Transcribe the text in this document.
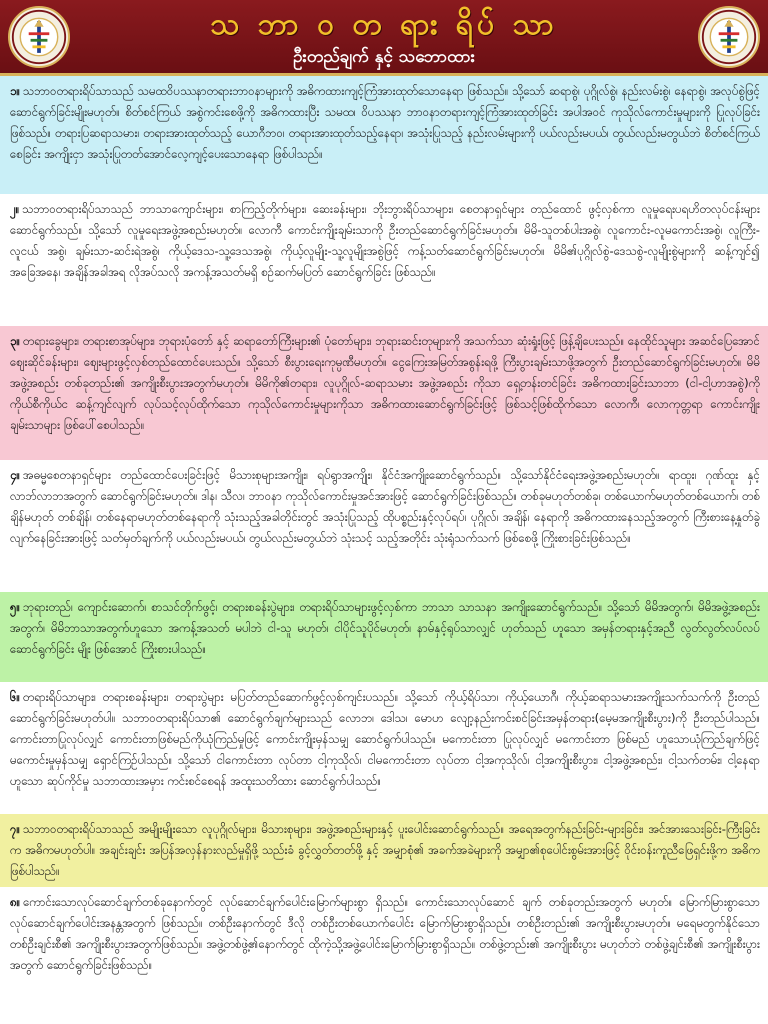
သ ဘာ ဝ တ ရား ရိပ် သာ
ဦးတည်ချက် နှင့် သဘောထား
၁။ သဘာဝတရားရိပ်သာသည် သမထဝိပဿနာတရားဘာဝနာများကို အဓိကထားကျင့်ကြံအားထုတ်သောနေရာ ဖြစ်သည်။ သို့သော် ဆရာစွဲ၊ ပုဂ္ဂိုလ်စွဲ၊ နည်းလမ်းစွဲ၊ နေရာစွဲ၊ အလုပ်စွဲဖြင့် ဆောင်ရွက်ခြင်းမျိုးမဟုတ်။ စိတ်စင်ကြယ် အစွဲကင်းစေဖို့ကို အဓိကထားပြီး သမထ၊ ဝိပဿနာ ဘာဝနာတရားကျင့်ကြံအားထုတ်ခြင်း အပါအဝင် ကုသိုလ်ကောင်းမှုများကို ပြုလုပ်ခြင်း ဖြစ်သည်။ တရားပြဆရာသမား၊ တရားအားထုတ်သည့် ယောဂီဘဝ၊ တရားအားထုတ်သည့်နေရာ၊ အသုံးပြုသည့် နည်းလမ်းများကို ပယ်လည်းမပယ်၊ တွယ်လည်းမတွယ်ဘဲ စိတ်စင်ကြယ်စေခြင်း အကျိုးငှာ အသုံးပြုတတ်အောင်လေ့ကျင့်ပေးသောနေရာ ဖြစ်ပါသည်။
၂။ သဘာဝတရားရိပ်သာသည် ဘာသာကျောင်းများ၊ စာကြည့်တိုက်များ၊ ဆေးခန်းများ၊ ဘိုးဘွားရိပ်သာများ၊ စေတနာရှင်များ တည်ထောင် ဖွင့်လှစ်ကာ လူမှုရေးပရဟိတလုပ်ငန်းများဆောင်ရွက်သည်။ သို့သော် လူမှုရေးအဖွဲ့အစည်းမဟုတ်။ လောကီ ကောင်းကျိုးချမ်းသာကို ဦးတည်ဆောင်ရွက်ခြင်းမဟုတ်။ မိမိ-သူတစ်ပါးအစွဲ၊ လူကောင်း-လူမကောင်းအစွဲ၊ လူကြီး-လူငယ် အစွဲ၊ ချမ်းသာ-ဆင်းရဲအစွဲ၊ ကိုယ့်ဒေသ-သူ့ဒေသအစွဲ၊ ကိုယ့်လူမျိုး-သူ့လူမျိုးအစွဲဖြင့် ကန့်သတ်ဆောင်ရွက်ခြင်းမဟုတ်။ မိမိ၏ပုဂ္ဂိုလ်စွဲ-ဒေသစွဲ-လူမျိုးစွဲများကို ဆန့်ကျင်၍ အခြေအနေ၊ အချိန်အခါအရ လိုအပ်သလို အကန့်အသတ်မရှိ စဉ်ဆက်မပြတ် ဆောင်ရွက်ခြင်း ဖြစ်သည်။
၃။ တရားခွေများ၊ တရားစာအုပ်များ၊ ဘုရားပုံတော် နှင့် ဆရာတော်ကြီးများ၏ ပုံတော်များ၊ ဘုရားဆင်းတုများကို အသက်သာ ဆုံးရှုံးဖြင့် ဖြန့်ချိပေးသည်။ နေထိုင်သူများ အဆင်ပြေအောင် ဈေးဆိုင်ခန်းများ၊ ဈေးများဖွင့်လှစ်တည်ထောင်ပေးသည်။ သို့သော် စီးပွားရေးကုမ္ပဏီမဟုတ်။ ငွေကြေးအမြတ်အစွန်းရဖို့ ကြီးပွားချမ်းသာဖို့အတွက် ဦးတည်ဆောင်ရွက်ခြင်းမဟုတ်။ မိမိ အဖွဲ့အစည်း တစ်ခုတည်း၏ အကျိုးစီးပွားအတွက်မဟုတ်။ မိမိကို၏တရား၊ လူပုဂ္ဂိုလ်-ဆရာသမား အဖွဲ့အစည်း ကိုသာ ရှေ့တန်းတင်ခြင်း အဓိကထားခြင်းသာဘာ (ငါ-ငါ့ဟာအစွဲ)ကို ကိုယ်စီကိုယ်င ဆန့်ကျင်လျက် လုပ်သင့်လုပ်ထိုက်သော ကုသိုလ်ကောင်းမှုများကိုသာ အဓိကထားဆောင်ရွက်ခြင်းဖြင့် ဖြစ်သင့်ဖြစ်ထိုက်သော လောကီ၊ လောကုတ္တရာ ကောင်းကျိုး ချမ်းသာများ ဖြစ်ပေါ်စေပါသည်။
၄။ အဓမ္မစေတနာရှင်များ တည်ထောင်ပေးခြင်းဖြင့် မိသားစုများအကျိုး၊ ရပ်ရွာအကျိုး၊ နိုင်ငံအကျိုးဆောင်ရွက်သည်။ သို့သော်နိုင်ငံရေးအဖွဲ့အစည်းမဟုတ်။ ရာထူး၊ ဂုဏ်ထူး နှင့် လာဘ်လာဘအတွက် ဆောင်ရွက်ခြင်းမဟုတ်။ ဒါန၊ သီလ၊ ဘာဝနာ ကုသိုလ်ကောင်းမှုအင်အားဖြင့် ဆောင်ရွက်ခြင်းဖြစ်သည်။ တစ်ခုမဟုတ်တစ်ခု၊ တစ်ယောက်မဟုတ်တစ်ယောက်၊ တစ်ချိန်မဟုတ် တစ်ချိန်၊ တစ်နေရာမဟုတ်တစ်နေရာကို သုံးသည့်အခါတိုင်းတွင် အသုံးပြုသည့် ထိုပစ္စည်းနှင့်လုပ်ရပ်၊ ပုဂ္ဂိုလ်၊ အချိန်၊ နေရာကို အဓိကထားနေသည့်အတွက် ကြီးစားနေ့နှုတ်ခွဲလျက်နေခြင်းအားဖြင့် သတ်မှတ်ချက်ကို ပယ်လည်းမပယ်၊ တွယ်လည်းမတွယ်ဘဲ သုံးသင့် သည့်အတိုင်း သုံးရုံသက်သက် ဖြစ်စေဖို့ ကြိုးစားခြင်းဖြစ်သည်။
၅။ ဘုရားတည်၊ ကျောင်းဆောက်၊ စာသင်တိုက်ဖွင့်၊ တရားစခန်းပွဲများ၊ တရားရိပ်သာများဖွင့်လှစ်ကာ ဘာသာ သာသနာ အကျိုးဆောင်ရွက်သည်။ သို့သော် မိမိအတွက်၊ မိမိအဖွဲ့အစည်းအတွက်၊ မိမိဘာသာအတွက်ဟူသော အကန့်အသတ် မပါဘဲ ငါ-သူ မဟုတ်၊ ငါပိုင်သူပိုင်မဟုတ်၊ နာမ်နှင့်ရုပ်သာလျှင် ဟုတ်သည် ဟူသော အမှန်တရားနှင့်အညီ လွတ်လွတ်လပ်လပ် ဆောင်ရွက်ခြင်း မျိုး ဖြစ်အောင် ကြိုးစားပါသည်။
၆။ တရားရိပ်သာများ၊ တရားစခန်းများ၊ တရားပွဲများ မပြတ်တည်ဆောက်ဖွင့်လှစ်ကျင်းပသည်။ သို့သော် ကိုယ့်ရိပ်သာ၊ ကိုယ့်ယောဂီ၊ ကိုယ့်ဆရာသမားအကျိုးသက်သက်ကို ဦးတည်ဆောင်ရွက်ခြင်းမဟုတ်ပါ။ သဘာဝတရားရိပ်သာ၏ ဆောင်ရွက်ချက်များသည် လောဘ၊ ဒေါသ၊ မောဟ လျော့နည်းကင်းစင်ခြင်းအမှန်တရား(မေ့မအကျိုးစီးပွား)ကို ဦးတည်ပါသည်။ ကောင်းတာပြုလုပ်လျှင် ကောင်းတာဖြစ်မည်ကိုယုံကြည်မှုဖြင့် ကောင်းကျိုးမှန်သမျှ ဆောင်ရွက်ပါသည်။ မကောင်းတာ ပြုလုပ်လျှင် မကောင်းတာ ဖြစ်မည် ဟူသောယုံကြည်ချက်ဖြင့် မကောင်းမှုမှန်သမျှ ရှောင်ကြဉ်ပါသည်။ သို့သော် ငါကောင်းတာ လုပ်တာ ငါ့ကုသိုလ်၊ ငါမကောင်းတာ လုပ်တာ ငါ့အကုသိုလ်၊ ငါ့အကျိုးစီးပွား၊ ငါ့အဖွဲ့အစည်း၊ ငါ့သက်တမ်း၊ ငါ့နေရာ ဟူသော ဆုပ်ကိုင်မှု သဘာထားအမှား ကင်းစင်စေရန် အထူးသတိထား ဆောင်ရွက်ပါသည်။
၇။ သဘာဝတရားရိပ်သာသည် အမျိုးမျိုးသော လူပုဂ္ဂိုလ်များ၊ မိသားစုများ၊ အဖွဲ့အစည်းများနှင့် ပူးပေါင်းဆောင်ရွက်သည်။ အရေအတွက်နည်းခြင်း-များခြင်း၊ အင်အားသေးခြင်း-ကြီးခြင်းက အဓိကမဟုတ်ပါ။ အချင်းချင်း အပြန်အလှန်နားလည်မှုရှိဖို့ သည်းခံ ခွင့်လွှတ်တတ်ဖို့ နှင့် အမျှာစုံ၏ အခက်အခဲများကို အမျှာ၏စုပေါင်းစွမ်းအားဖြင့် ဝိုင်းဝန်းကူညီဖြေရှင်းဖို့က အဓိကဖြစ်ပါသည်။
၈။ ကောင်းသောလုပ်ဆောင်ချက်တစ်ခုနောက်တွင် လုပ်ဆောင်ချက်ပေါင်းမြောက်များစွာ ရှိသည်။ ကောင်းသောလုပ်ဆောင် ချက် တစ်ခုတည်းအတွက် မဟုတ်။ မြောက်မြားစွာသော လုပ်ဆောင်ချက်ပေါင်းအနန္တအတွက် ဖြစ်သည်။ တစ်ဦးနောက်တွင် ဒီလို တစ်ဦးတစ်ယောက်ပေါင်း မြောက်မြားစွာရှိသည်။ တစ်ဦးတည်း၏ အကျိုးစီးပွားမဟုတ်။ မရေမတွက်နိုင်သော တစ်ဦးချင်းစီ၏ အကျိုးစီးပွားအတွက်ဖြစ်သည်။ အဖွဲ့တစ်ဖွဲ့၏နောက်တွင် ထိုကဲ့သို့အဖွဲ့ပေါင်းမြောက်မြားစွာရှိသည်။ တစ်ဖွဲ့တည်း၏ အကျိုးစီးပွား မဟုတ်ဘဲ တစ်ဖွဲ့ချင်းစီ၏ အကျိုးစီးပွားအတွက် ဆောင်ရွက်ခြင်းဖြစ်သည်။
